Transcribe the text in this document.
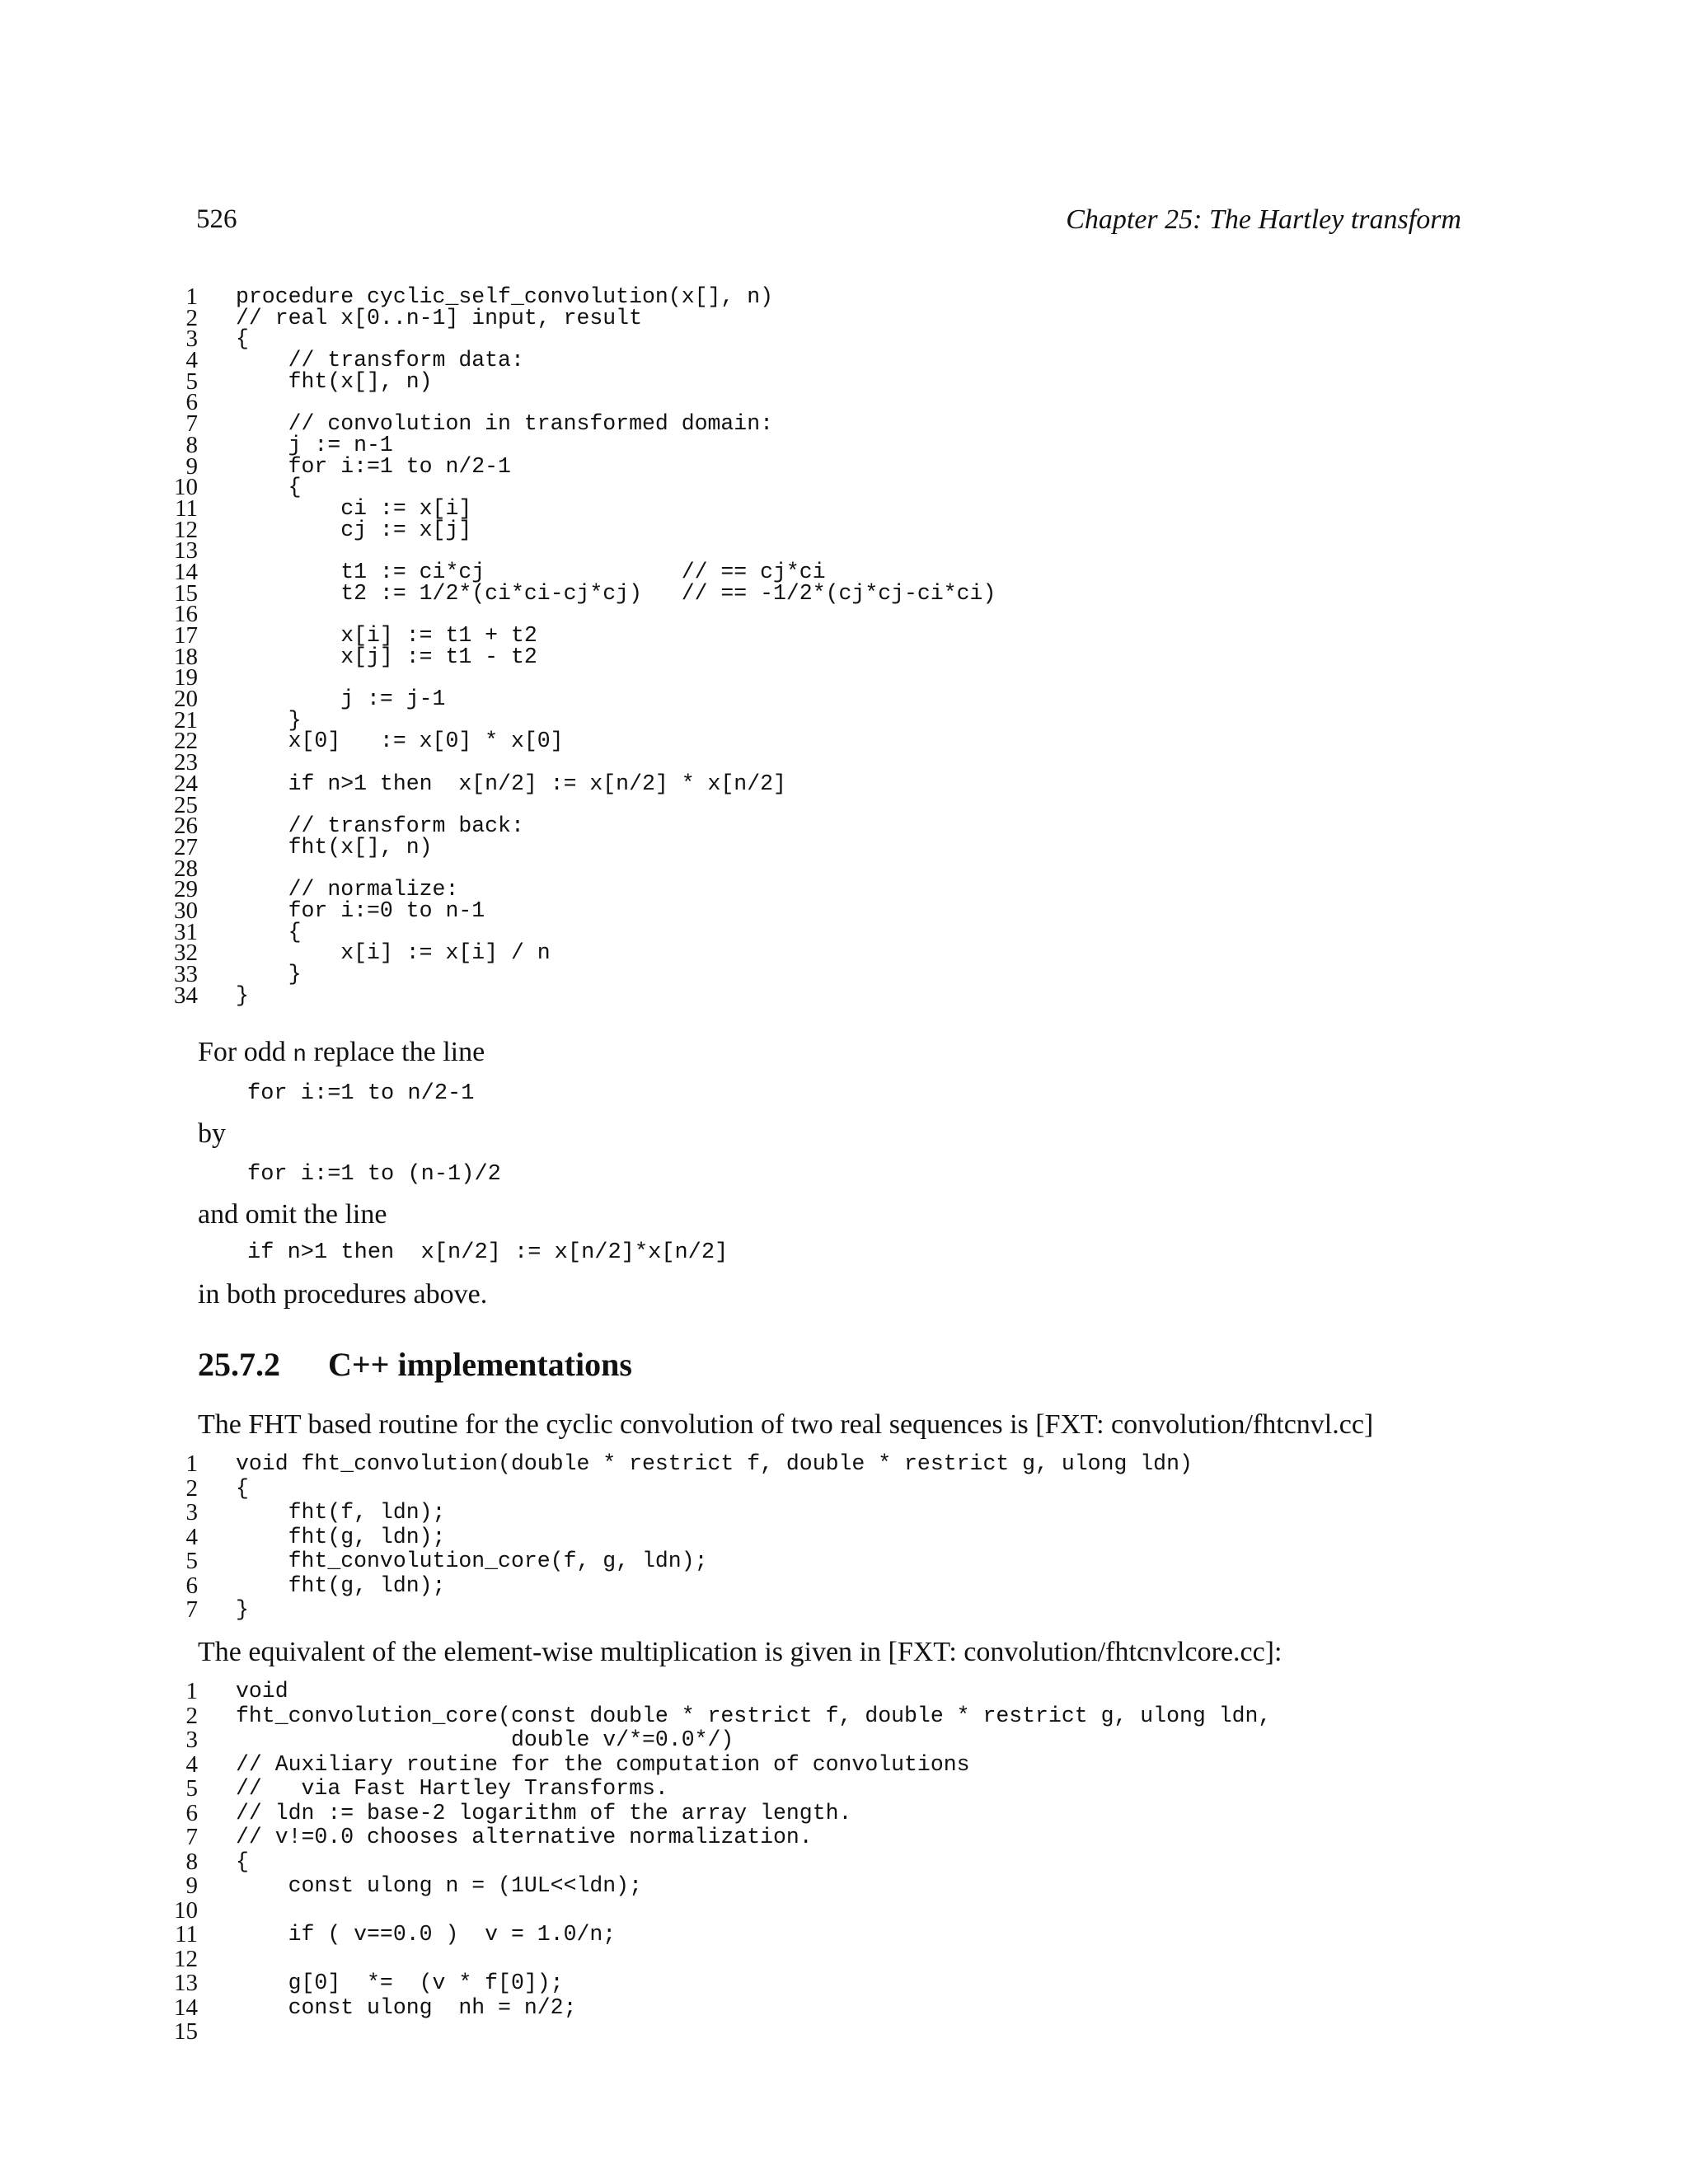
526	Chapter 25: The Hartley transform
1 procedure cyclic_self_convolution(x[], n)
2 // real x[0..n-1] input, result
3 {
4 // transform data:
5 fht(x[], n)
6
7 // convolution in transformed domain:
8 j := n-1
9 for i:=1 to n/2-1
10 {
11 ci := x[i]
12 cj := x[j]
13
14 t1 := ci*cj               // == cj*ci
15 t2 := 1/2*(ci*ci-cj*cj)   // == -1/2*(cj*cj-ci*ci)
16
17 x[i] := t1 + t2
18 x[j] := t1 - t2
19
20 j := j-1
21 }
22 x[0]   := x[0] * x[0]
23
24 if n>1 then  x[n/2] := x[n/2] * x[n/2]
25
26 // transform back:
27 fht(x[], n)
28
29 // normalize:
30 for i:=0 to n-1
31 {
32 x[i] := x[i] / n
33 }
34 }
For odd n replace the line
for i:=1 to n/2-1
by
for i:=1 to (n-1)/2
and omit the line
if n>1 then  x[n/2] := x[n/2]*x[n/2]
in both procedures above.
25.7.2 C++ implementations
The FHT based routine for the cyclic convolution of two real sequences is [FXT: convolution/fhtcnvl.cc]
1 void fht_convolution(double * restrict f, double * restrict g, ulong ldn)
2 {
3 fht(f, ldn);
4 fht(g, ldn);
5 fht_convolution_core(f, g, ldn);
6 fht(g, ldn);
7 }
The equivalent of the element-wise multiplication is given in [FXT: convolution/fhtcnvlcore.cc]:
1 void
2 fht_convolution_core(const double * restrict f, double * restrict g, ulong ldn,
3 double v/*=0.0*/)
4 // Auxiliary routine for the computation of convolutions
5 //   via Fast Hartley Transforms.
6 // ldn := base-2 logarithm of the array length.
7 // v!=0.0 chooses alternative normalization.
8 {
9 const ulong n = (1UL<<ldn);
10
11 if ( v==0.0 )  v = 1.0/n;
12
13 g[0]  *=  (v * f[0]);
14 const ulong  nh = n/2;
15
